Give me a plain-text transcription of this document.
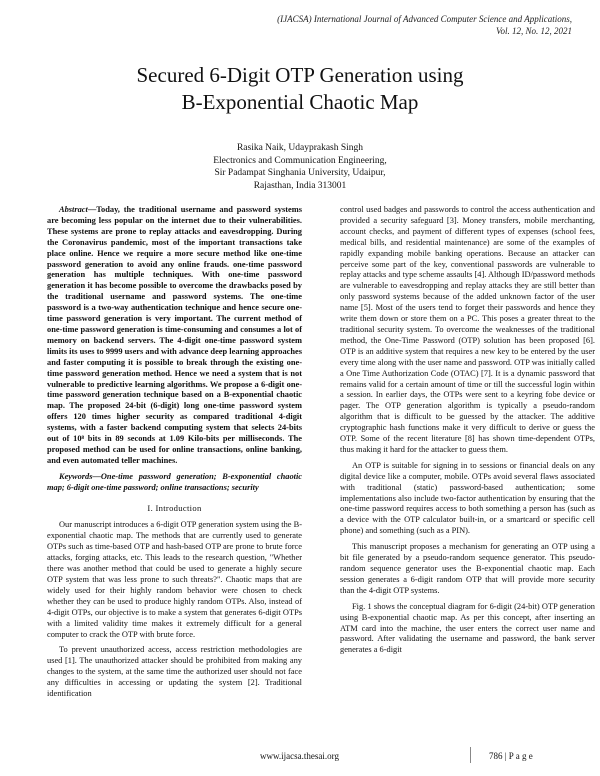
(IJACSA) International Journal of Advanced Computer Science and Applications,
Vol. 12, No. 12, 2021
Secured 6-Digit OTP Generation using
B-Exponential Chaotic Map
Rasika Naik, Udayprakash Singh
Electronics and Communication Engineering,
Sir Padampat Singhania University, Udaipur,
Rajasthan, India 313001

Abstract—Today, the traditional username and password systems are becoming less popular on the internet due to their vulnerabilities. These systems are prone to replay attacks and eavesdropping. During the Coronavirus pandemic, most of the important transactions take place online. Hence we require a more secure method like one-time password generation to avoid any online frauds. one-time password generation has multiple techniques. With one-time password generation it has become possible to overcome the drawbacks posed by the traditional username and password systems. The one-time password is a two-way authentication technique and hence secure one-time password generation is very important. The current method of one-time password generation is time-consuming and consumes a lot of memory on backend servers. The 4-digit one-time password system limits its uses to 9999 users and with advance deep learning approaches and faster computing it is possible to break through the existing one-time password generation method. Hence we need a system that is not vulnerable to predictive learning algorithms. We propose a 6-digit one-time password generation technique based on a B-exponential chaotic map. The proposed 24-bit (6-digit) long one-time password system offers 120 times higher security as compared traditional 4-digit systems, with a faster backend computing system that selects 24-bits out of 10⁸ bits in 89 seconds at 1.09 Kilo-bits per milliseconds. The proposed method can be used for online transactions, online banking, and even automated teller machines.

Keywords—One-time password generation; B-exponential chaotic map; 6-digit one-time password; online transactions; security

I. Introduction

Our manuscript introduces a 6-digit OTP generation system using the B-exponential chaotic map. The methods that are currently used to generate OTPs such as time-based OTP and hash-based OTP are prone to brute force attacks, forging attacks, etc. This leads to the research question, "Whether there was another method that could be used to generate a highly secure OTP system that was less prone to such threats?". Chaotic maps that are widely used for their highly random behavior were chosen to check whether they can be used to produce highly random OTPs. Also, instead of 4-digit OTPs, our objective is to make a system that generates 6-digit OTPs with a limited validity time makes it extremely difficult for a general computer to crack the OTP with brute force.

To prevent unauthorized access, access restriction methodologies are used [1]. The unauthorized attacker should be prohibited from making any changes to the system, at the same time the authorized user should not face any difficulties in accessing or updating the system [2]. Traditional identification

control used badges and passwords to control the access authentication and provided a security safeguard [3]. Money transfers, mobile merchanting, account checks, and payment of different types of expenses (school fees, medical bills, and residential maintenance) are some of the examples of rapidly expanding mobile banking operations. Because an attacker can perceive some part of the key, conventional passwords are vulnerable to replay attacks and type scheme assaults [4]. Although ID/password methods are vulnerable to eavesdropping and replay attacks they are still better than only password systems because of the added unknown factor of the user name [5]. Most of the users tend to forget their passwords and hence they write them down or store them on a PC. This poses a greater threat to the traditional security system. To overcome the weaknesses of the traditional method, the One-Time Password (OTP) solution has been proposed [6]. OTP is an additive system that requires a new key to be entered by the user every time along with the user name and password. OTP was initially called a One Time Authorization Code (OTAC) [7]. It is a dynamic password that remains valid for a certain amount of time or till the successful login within a session. In earlier days, the OTPs were sent to a keyring fobe device or pager. The OTP generation algorithm is typically a pseudo-random algorithm that is difficult to be guessed by the attacker. The additive cryptographic hash functions make it very difficult to derive or guess the OTP. Some of the recent literature [8] has shown time-dependent OTPs, thus making it hard for the attacker to guess them.

An OTP is suitable for signing in to sessions or financial deals on any digital device like a computer, mobile. OTPs avoid several flaws associated with traditional (static) password-based authentication; some implementations also include two-factor authentication by ensuring that the one-time password requires access to both something a person has (such as a device with the OTP calculator built-in, or a smartcard or specific cell phone) and something (such as a PIN).

This manuscript proposes a mechanism for generating an OTP using a bit file generated by a pseudo-random sequence generator. This pseudo-random sequence generator uses the B-exponential chaotic map. Each session generates a 6-digit random OTP that will provide more security than the 4-digit OTP systems.

Fig. 1 shows the conceptual diagram for 6-digit (24-bit) OTP generation using B-exponential chaotic map. As per this concept, after inserting an ATM card into the machine, the user enters the correct user name and password. After validating the username and password, the bank server generates a 6-digit

www.ijacsa.thesai.org	786 | P a g e
